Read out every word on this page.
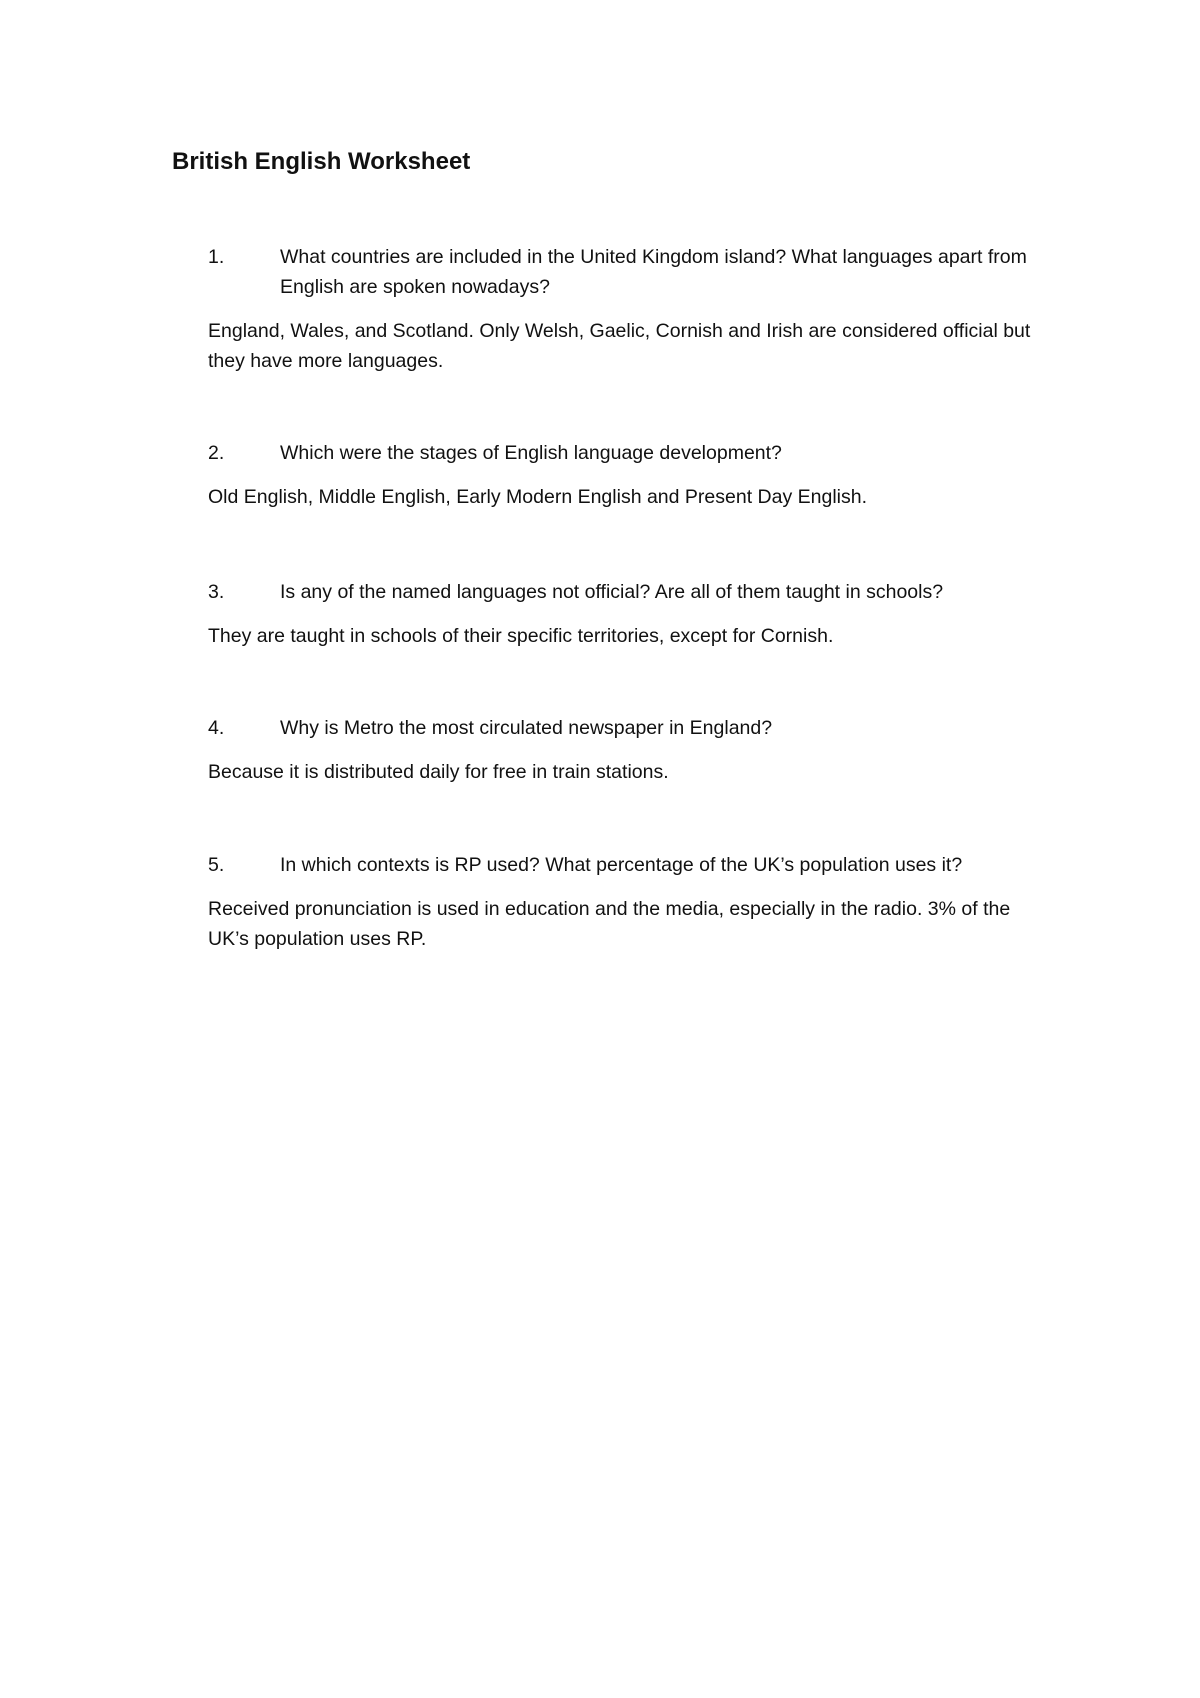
British English Worksheet
1.	What countries are included in the United Kingdom island? What languages apart from English are spoken nowadays?
England, Wales, and Scotland. Only Welsh, Gaelic, Cornish and Irish are considered official but they have more languages.
2.	Which were the stages of English language development?
Old English, Middle English, Early Modern English and Present Day English.
3.	Is any of the named languages not official? Are all of them taught in schools?
They are taught in schools of their specific territories, except for Cornish.
4.	Why is Metro the most circulated newspaper in England?
Because it is distributed daily for free in train stations.
5.	In which contexts is RP used? What percentage of the UK’s population uses it?
Received pronunciation is used in education and the media, especially in the radio. 3% of the UK’s population uses RP.
